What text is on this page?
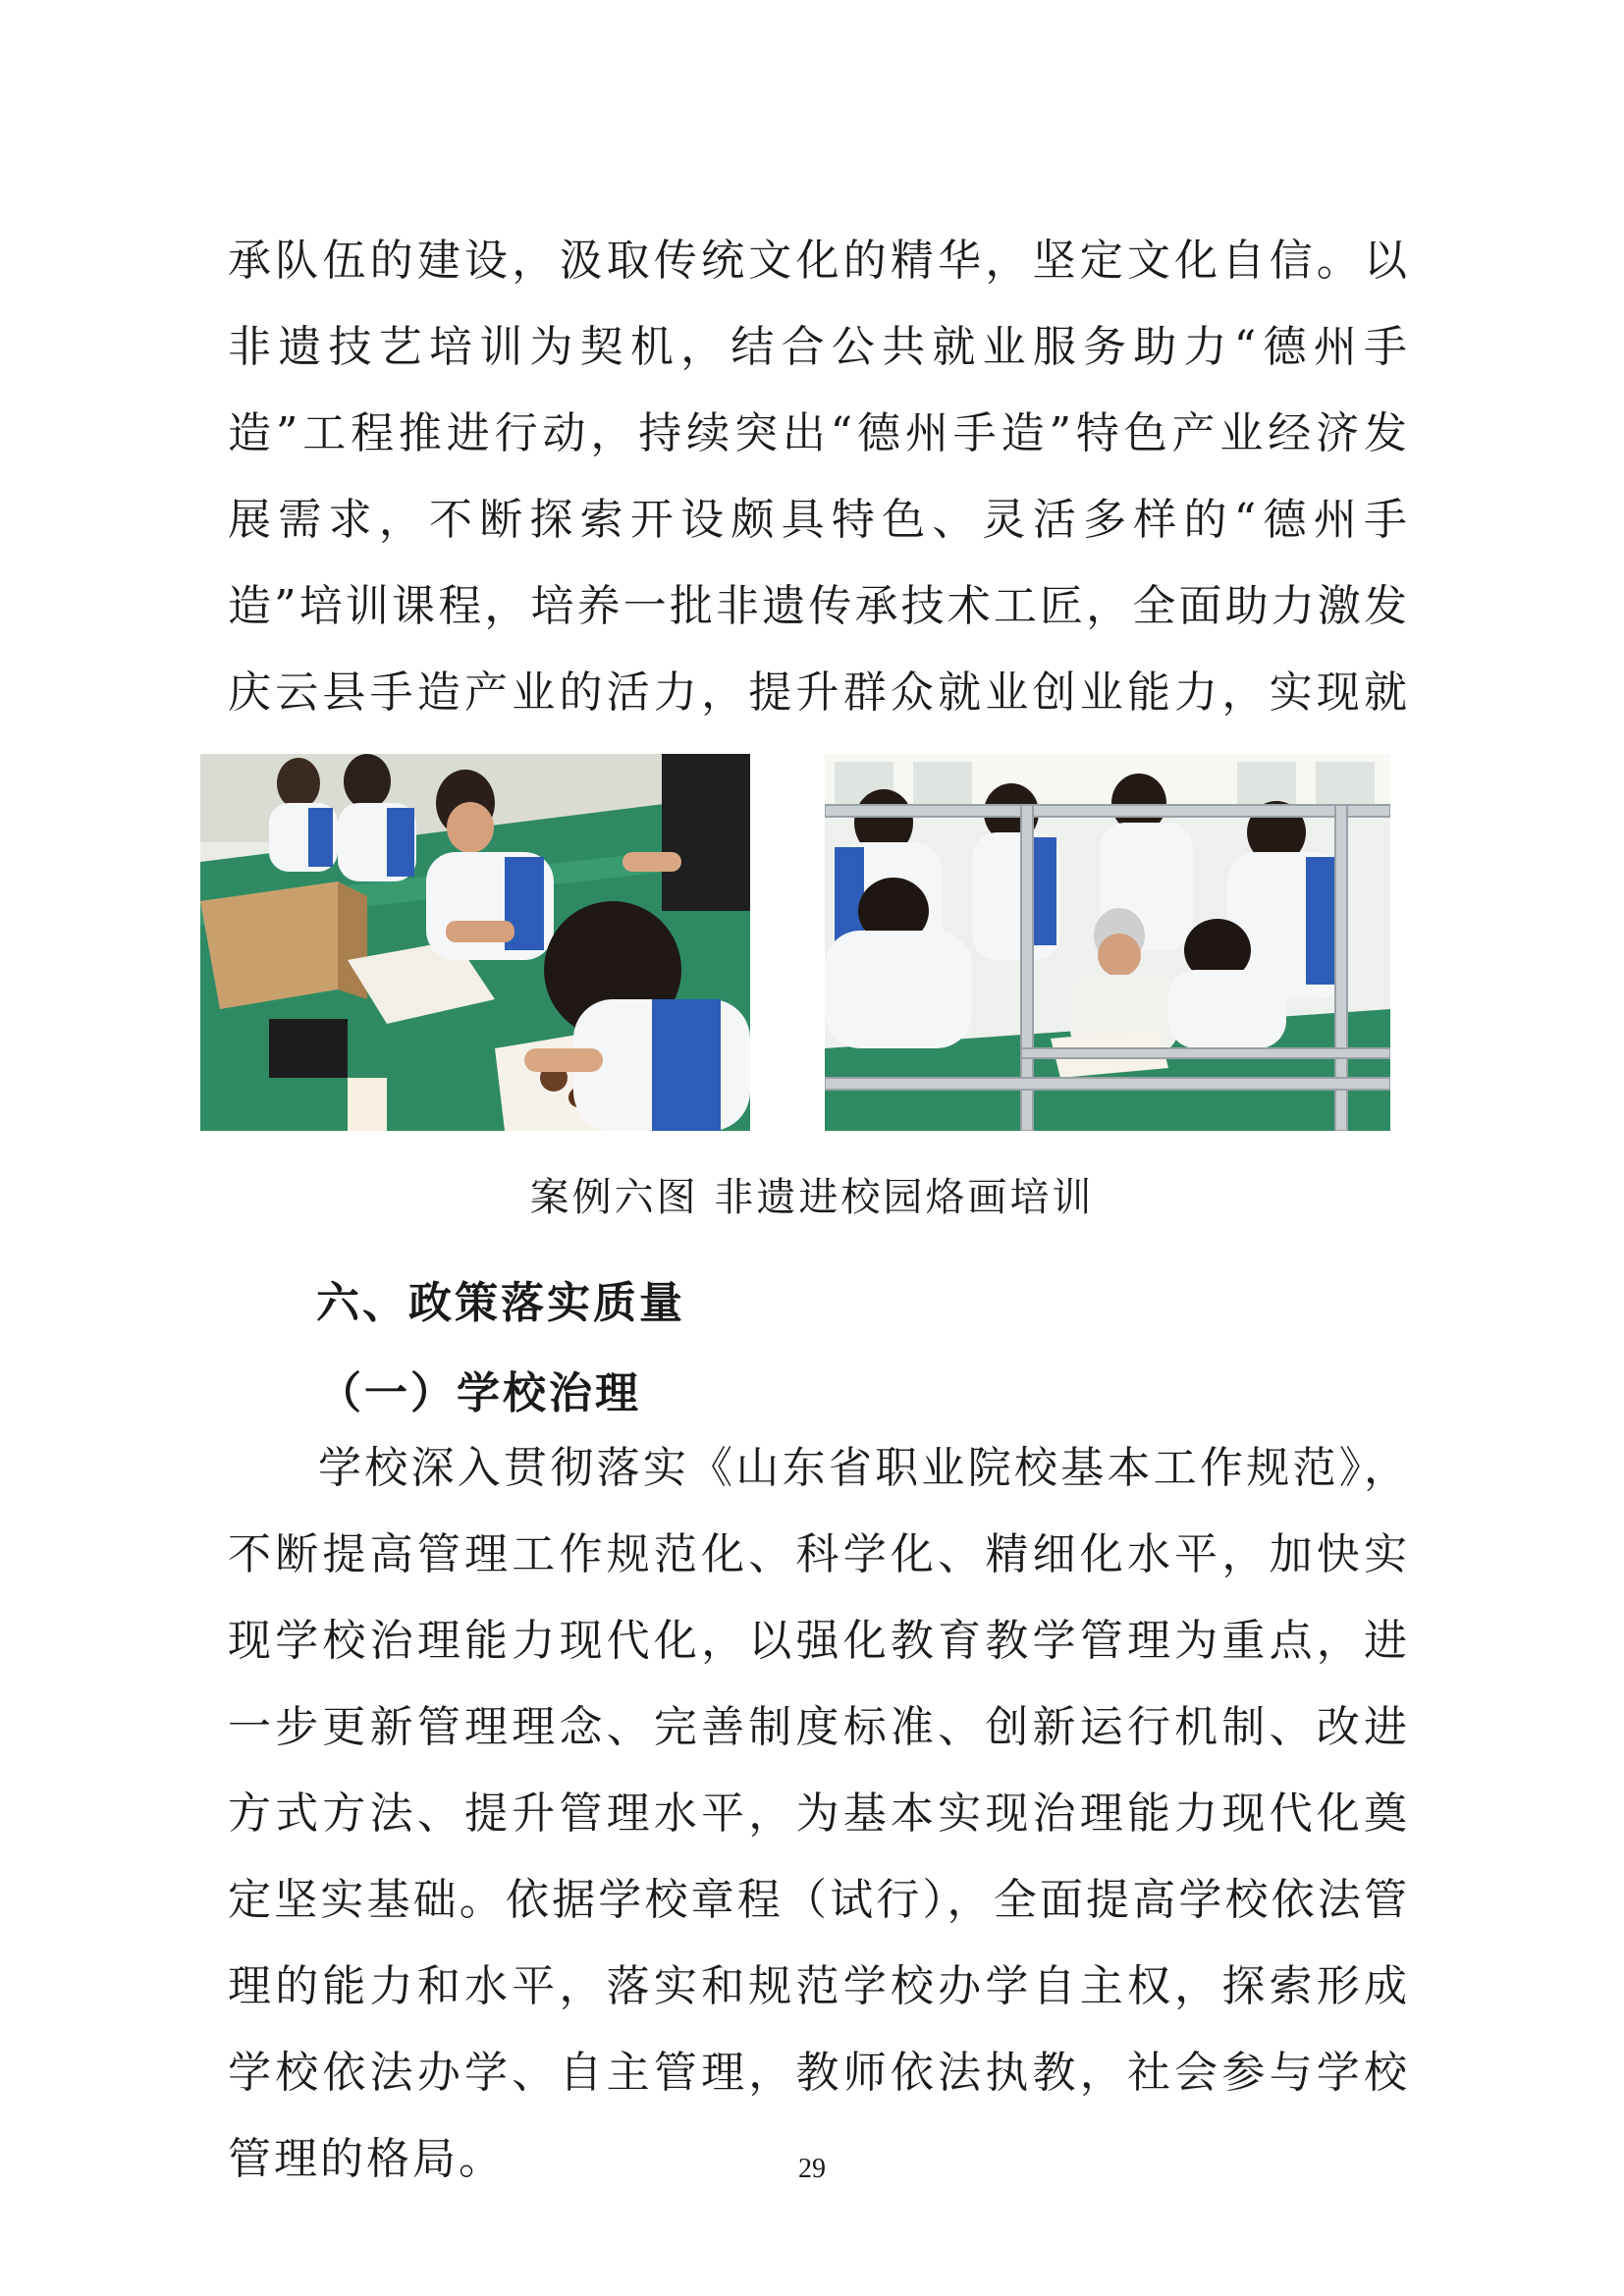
承队伍的建设，汲取传统文化的精华，坚定文化自信。以非遗技艺培训为契机，结合公共就业服务助力“德州手造”工程推进行动，持续突出“德州手造”特色产业经济发展需求，不断探索开设颇具特色、灵活多样的“德州手造”培训课程，培养一批非遗传承技术工匠，全面助力激发庆云县手造产业的活力，提升群众就业创业能力，实现就

案例六图 非遗进校园烙画培训
六、政策落实质量
（一）学校治理

学校深入贯彻落实《山东省职业院校基本工作规范》，不断提高管理工作规范化、科学化、精细化水平，加快实现学校治理能力现代化，以强化教育教学管理为重点，进一步更新管理理念、完善制度标准、创新运行机制、改进方式方法、提升管理水平，为基本实现治理能力现代化奠定坚实基础。依据学校章程（试行），全面提高学校依法管理的能力和水平，落实和规范学校办学自主权，探索形成学校依法办学、自主管理，教师依法执教，社会参与学校管理的格局。	29
